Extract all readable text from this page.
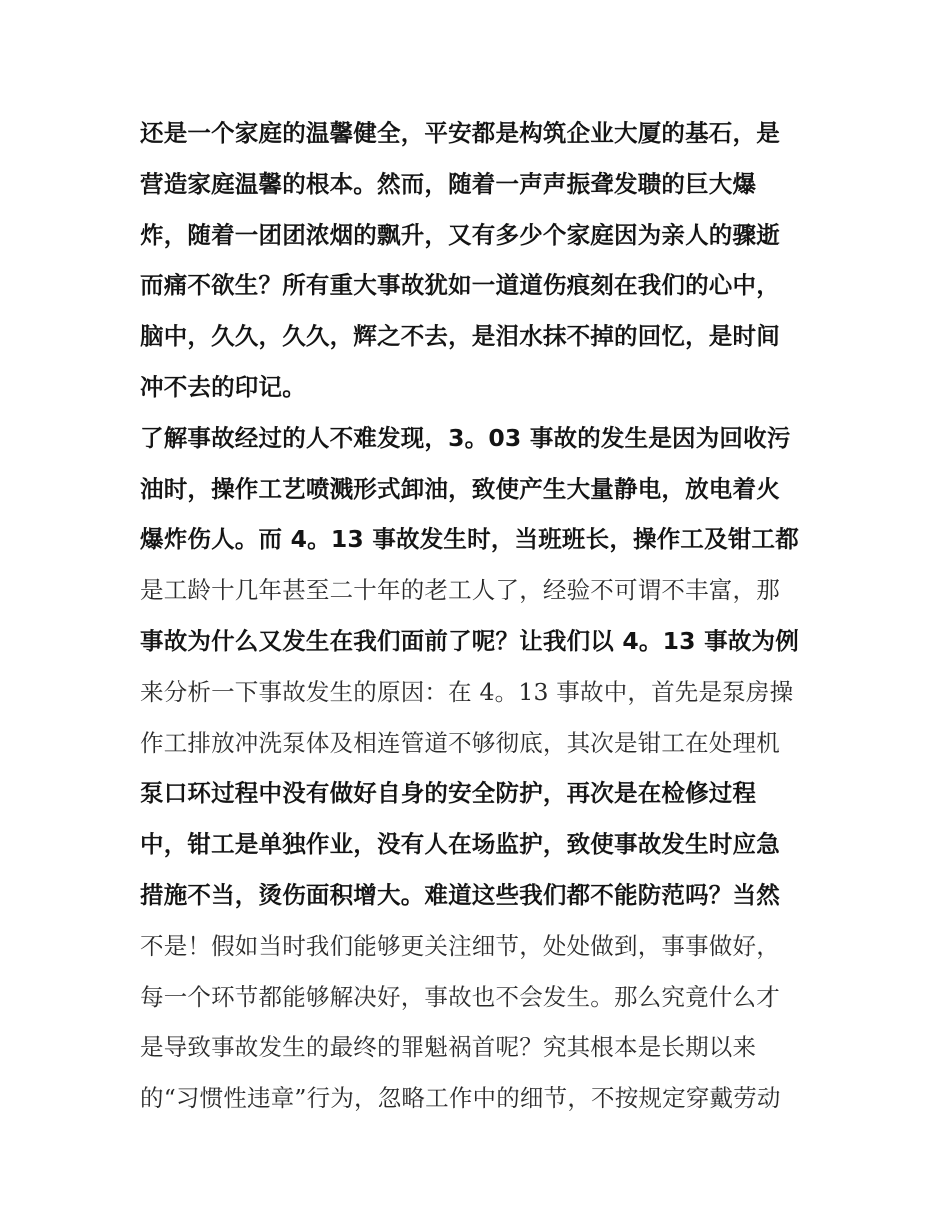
还是一个家庭的温馨健全，平安都是构筑企业大厦的基石，是
营造家庭温馨的根本。然而，随着一声声振聋发聩的巨大爆
炸，随着一团团浓烟的飘升，又有多少个家庭因为亲人的骤逝
而痛不欲生？所有重大事故犹如一道道伤痕刻在我们的心中，
脑中，久久，久久，辉之不去，是泪水抹不掉的回忆，是时间
冲不去的印记。
了解事故经过的人不难发现，3。03 事故的发生是因为回收污
油时，操作工艺喷溅形式卸油，致使产生大量静电，放电着火
爆炸伤人。而 4。13 事故发生时，当班班长，操作工及钳工都
是工龄十几年甚至二十年的老工人了，经验不可谓不丰富，那
事故为什么又发生在我们面前了呢？让我们以 4。13 事故为例
来分析一下事故发生的原因：在 4。13 事故中，首先是泵房操
作工排放冲洗泵体及相连管道不够彻底，其次是钳工在处理机
泵口环过程中没有做好自身的安全防护，再次是在检修过程
中，钳工是单独作业，没有人在场监护，致使事故发生时应急
措施不当，烫伤面积增大。难道这些我们都不能防范吗？当然
不是！假如当时我们能够更关注细节，处处做到，事事做好，
每一个环节都能够解决好，事故也不会发生。那么究竟什么才
是导致事故发生的最终的罪魁祸首呢？究其根本是长期以来
的“习惯性违章”行为，忽略工作中的细节，不按规定穿戴劳动
